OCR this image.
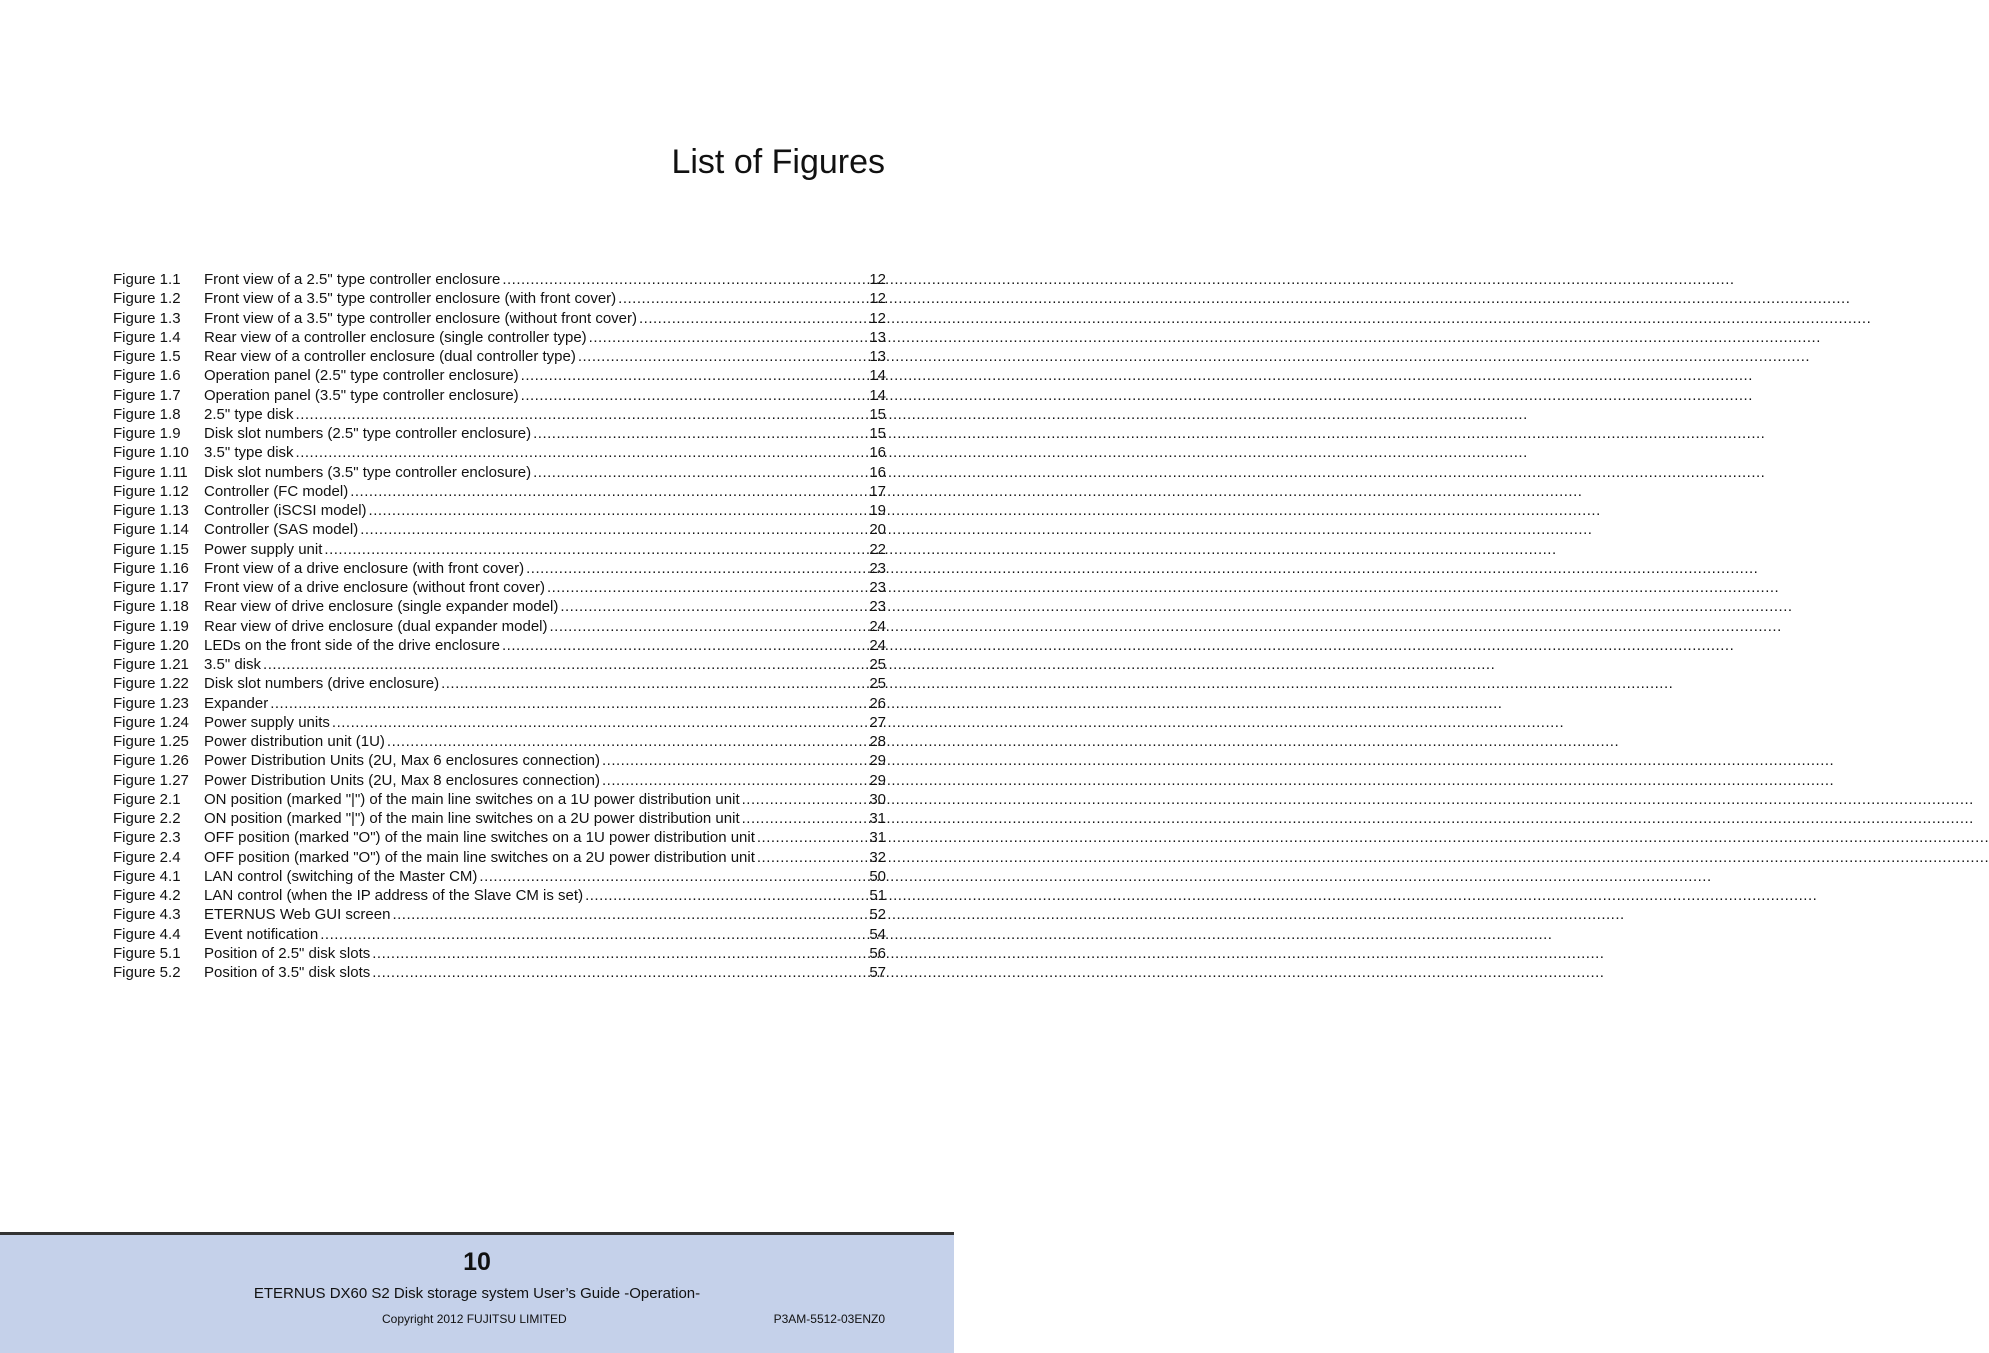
List of Figures
Figure 1.1	Front view of a 2.5" type controller enclosure .....	12
Figure 1.2	Front view of a 3.5" type controller enclosure (with front cover) .....	12
Figure 1.3	Front view of a 3.5" type controller enclosure (without front cover) .....	12
Figure 1.4	Rear view of a controller enclosure (single controller type) .....	13
Figure 1.5	Rear view of a controller enclosure (dual controller type) .....	13
Figure 1.6	Operation panel (2.5" type controller enclosure) .....	14
Figure 1.7	Operation panel (3.5" type controller enclosure) .....	14
Figure 1.8	2.5" type disk .....	15
Figure 1.9	Disk slot numbers (2.5" type controller enclosure) .....	15
Figure 1.10	3.5" type disk .....	16
Figure 1.11	Disk slot numbers (3.5" type controller enclosure) .....	16
Figure 1.12	Controller (FC model) .....	17
Figure 1.13	Controller (iSCSI model) .....	19
Figure 1.14	Controller (SAS model) .....	20
Figure 1.15	Power supply unit .....	22
Figure 1.16	Front view of a drive enclosure (with front cover) .....	23
Figure 1.17	Front view of a drive enclosure (without front cover) .....	23
Figure 1.18	Rear view of drive enclosure (single expander model) .....	23
Figure 1.19	Rear view of drive enclosure (dual expander model) .....	24
Figure 1.20	LEDs on the front side of the drive enclosure .....	24
Figure 1.21	3.5" disk .....	25
Figure 1.22	Disk slot numbers (drive enclosure) .....	25
Figure 1.23	Expander .....	26
Figure 1.24	Power supply units .....	27
Figure 1.25	Power distribution unit (1U) .....	28
Figure 1.26	Power Distribution Units (2U, Max 6 enclosures connection) .....	29
Figure 1.27	Power Distribution Units (2U, Max 8 enclosures connection) .....	29
Figure 2.1	ON position (marked "|") of the main line switches on a 1U power distribution unit .....	30
Figure 2.2	ON position (marked "|") of the main line switches on a 2U power distribution unit .....	31
Figure 2.3	OFF position (marked "O") of the main line switches on a 1U power distribution unit .....	31
Figure 2.4	OFF position (marked "O") of the main line switches on a 2U power distribution unit .....	32
Figure 4.1	LAN control (switching of the Master CM) .....	50
Figure 4.2	LAN control (when the IP address of the Slave CM is set) .....	51
Figure 4.3	ETERNUS Web GUI screen .....	52
Figure 4.4	Event notification .....	54
Figure 5.1	Position of 2.5" disk slots .....	56
Figure 5.2	Position of 3.5" disk slots .....	57
10
ETERNUS DX60 S2 Disk storage system User’s Guide -Operation-
Copyright 2012 FUJITSU LIMITED	P3AM-5512-03ENZ0
